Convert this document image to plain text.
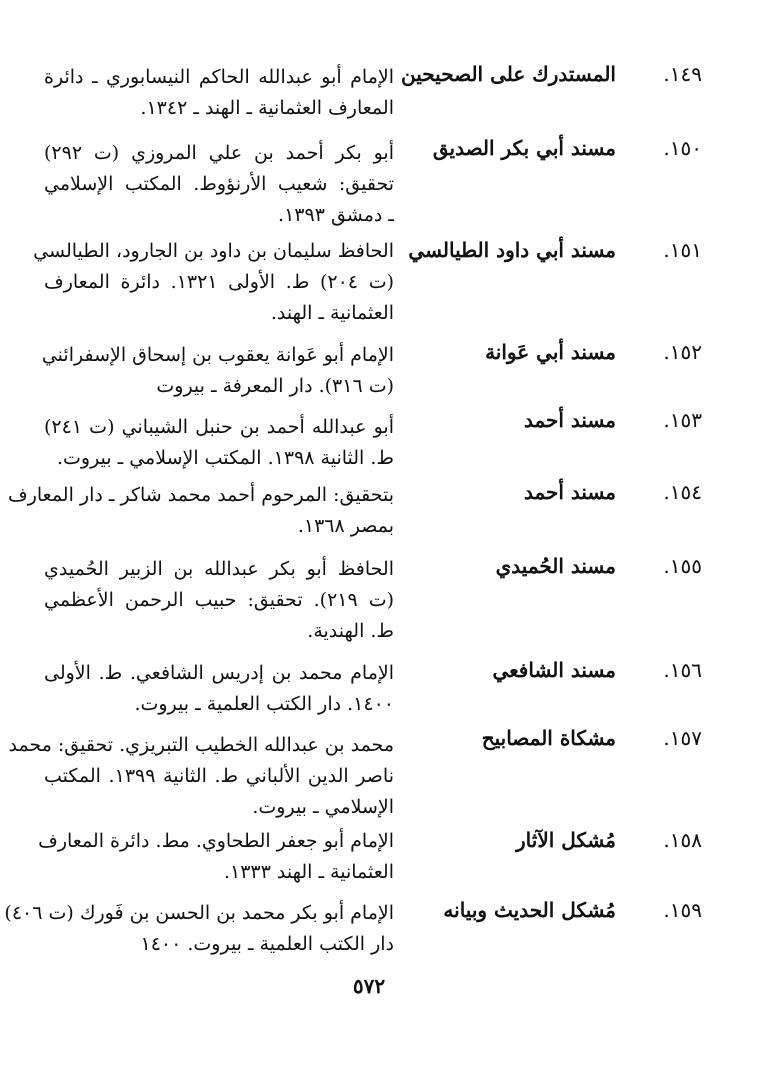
١٤٩.
المستدرك على الصحيحين
الإمام أبو عبدالله الحاكم النيسابوري ـ دائرة
المعارف العثمانية ـ الهند ـ ١٣٤٢.
١٥٠.
مسند أبي بكر الصديق
أبو بكر أحمد بن علي المروزي (ت ٢٩٢)
تحقيق: شعيب الأرنؤوط. المكتب الإسلامي
ـ دمشق ١٣٩٣.
١٥١.
مسند أبي داود الطيالسي
الحافظ سليمان بن داود بن الجارود، الطيالسي
(ت ٢٠٤) ط. الأولى ١٣٢١. دائرة المعارف
العثمانية ـ الهند.
١٥٢.
مسند أبي عَوانة
الإمام أبو عَوانة يعقوب بن إسحاق الإسفرائني
(ت ٣١٦). دار المعرفة ـ بيروت
١٥٣.
مسند أحمد
أبو عبدالله أحمد بن حنبل الشيباني (ت ٢٤١)
ط. الثانية ١٣٩٨. المكتب الإسلامي ـ بيروت.
١٥٤.
مسند أحمد
بتحقيق: المرحوم أحمد محمد شاكر ـ دار المعارف
بمصر ١٣٦٨.
١٥٥.
مسند الحُميدي
الحافظ أبو بكر عبدالله بن الزبير الحُميدي
(ت ٢١٩). تحقيق: حبيب الرحمن الأعظمي
ط. الهندية.
١٥٦.
مسند الشافعي
الإمام محمد بن إدريس الشافعي. ط. الأولى
١٤٠٠. دار الكتب العلمية ـ بيروت.
١٥٧.
مشكاة المصابيح
محمد بن عبدالله الخطيب التبريزي. تحقيق: محمد
ناصر الدين الألباني ط. الثانية ١٣٩٩. المكتب
الإسلامي ـ بيروت.
١٥٨.
مُشكل الآثار
الإمام أبو جعفر الطحاوي. مط. دائرة المعارف
العثمانية ـ الهند ١٣٣٣.
١٥٩.
مُشكل الحديث وبيانه
الإمام أبو بكر محمد بن الحسن بن فَورك (ت ٤٠٦)
دار الكتب العلمية ـ بيروت. ١٤٠٠
٥٧٢
